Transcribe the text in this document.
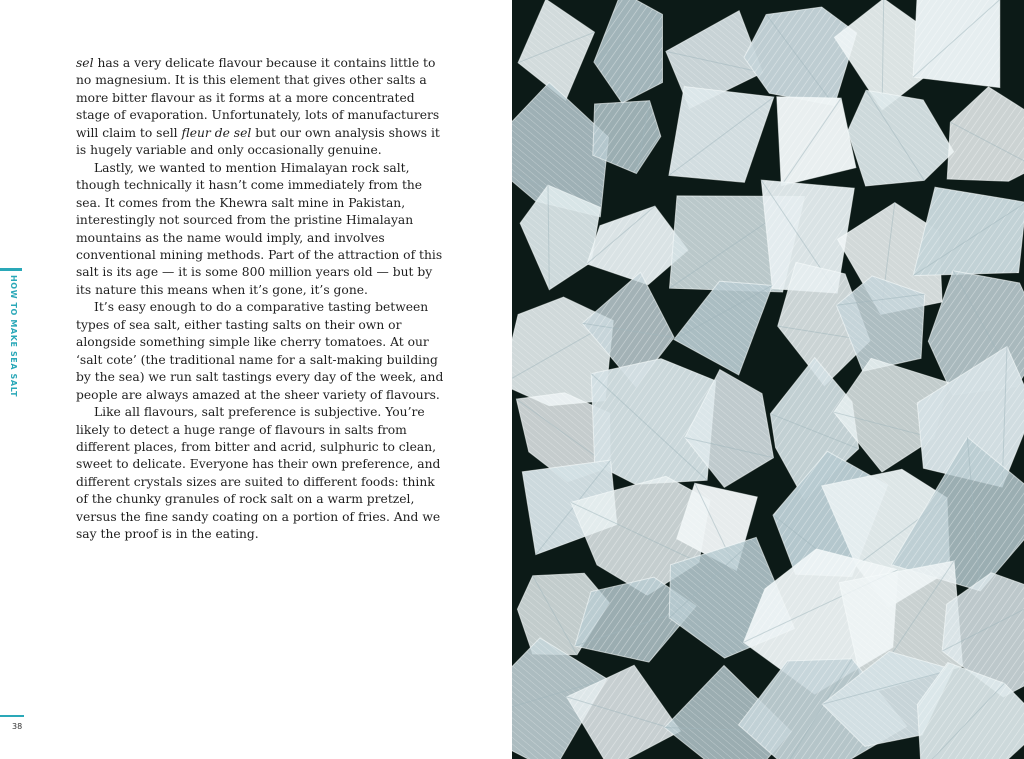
HOW TO MAKE SEA SALT

sel has a very delicate flavour because it contains little to no magnesium. It is this element that gives other salts a more bitter flavour as it forms at a more concentrated stage of evaporation. Unfortunately, lots of manufacturers will claim to sell fleur de sel but our own analysis shows it is hugely variable and only occasionally genuine.

Lastly, we wanted to mention Himalayan rock salt, though technically it hasn’t come immediately from the sea. It comes from the Khewra salt mine in Pakistan, interestingly not sourced from the pristine Himalayan mountains as the name would imply, and involves conventional mining methods. Part of the attraction of this salt is its age — it is some 800 million years old — but by its nature this means when it’s gone, it’s gone.

It’s easy enough to do a comparative tasting between types of sea salt, either tasting salts on their own or alongside something simple like cherry tomatoes. At our ‘salt cote’ (the traditional name for a salt-making building by the sea) we run salt tastings every day of the week, and people are always amazed at the sheer variety of flavours.

Like all flavours, salt preference is subjective. You’re likely to detect a huge range of flavours in salts from different places, from bitter and acrid, sulphuric to clean, sweet to delicate. Everyone has their own preference, and different crystals sizes are suited to different foods: think of the chunky granules of rock salt on a warm pretzel, versus the fine sandy coating on a portion of fries. And we say the proof is in the eating.

38
